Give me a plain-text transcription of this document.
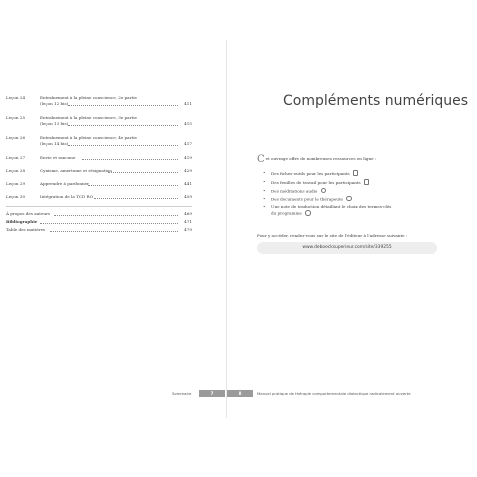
Leçon 24	Entraînement à la pleine conscience, 2e partie
(leçon 12 bis)	411
Leçon 25	Entraînement à la pleine conscience, 3e partie
(leçon 13 bis)	415
Leçon 26	Entraînement à la pleine conscience, 4e partie
(leçon 14 bis)	417
Leçon 27	Envie et rancune	419
Leçon 28	Cynisme, amertume et résignation	429
Leçon 29	Apprendre à pardonner	441
Leçon 30	Intégration de la TCD RO	459
À propos des auteurs	469
Bibliographie	471
Table des matières	479
Compléments numériques
Cet ouvrage offre de nombreuses ressources en ligne :
• Des fiches-outils pour les participants
• Des feuilles de travail pour les participants
• Des méditations audio
• Des documents pour le thérapeute
• Une note de traduction détaillant le choix des termes-clés
du programme
Pour y accéder, rendez-vous sur le site de l'éditeur à l'adresse suivante :
www.deboecksuperieur.com/site/339255
Sommaire	7	8	Manuel pratique de thérapie comportementale dialectique radicalement ouverte
